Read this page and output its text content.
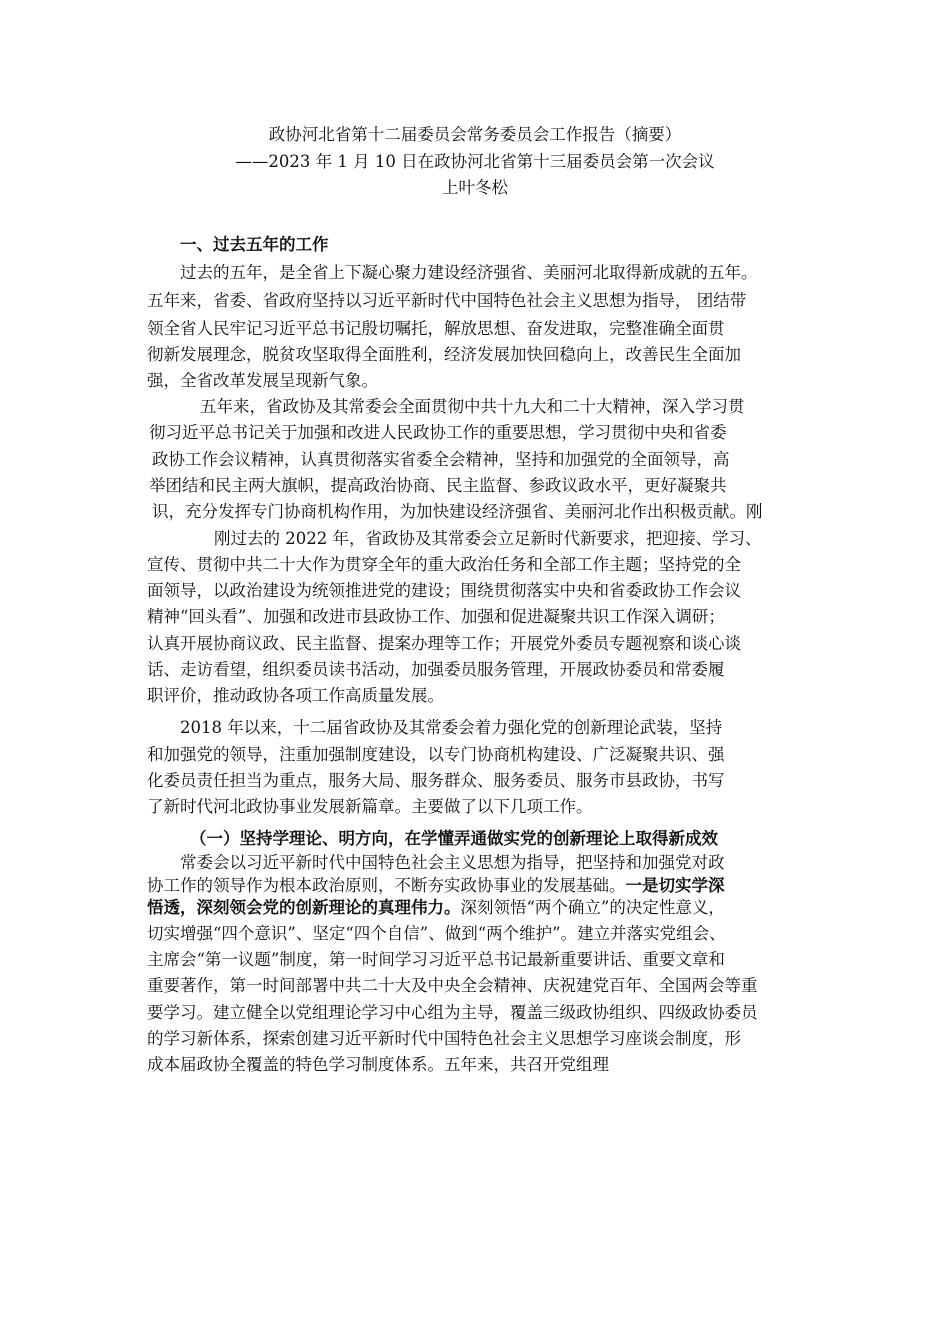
政协河北省第十二届委员会常务委员会工作报告（摘要）
——2023 年 1 月 10 日在政协河北省第十三届委员会第一次会议
上叶冬松
一、过去五年的工作
过去的五年，是全省上下凝心聚力建设经济强省、美丽河北取得新成就的五年。
五年来，省委、省政府坚持以习近平新时代中国特色社会主义思想为指导， 团结带
领全省人民牢记习近平总书记殷切嘱托，解放思想、奋发进取，完整准确全面贯
彻新发展理念，脱贫攻坚取得全面胜利，经济发展加快回稳向上，改善民生全面加
强，全省改革发展呈现新气象。
五年来，省政协及其常委会全面贯彻中共十九大和二十大精神，深入学习贯
彻习近平总书记关于加强和改进人民政协工作的重要思想，学习贯彻中央和省委
政协工作会议精神，认真贯彻落实省委全会精神，坚持和加强党的全面领导，高
举团结和民主两大旗帜，提高政治协商、民主监督、参政议政水平，更好凝聚共
识，充分发挥专门协商机构作用，为加快建设经济强省、美丽河北作出积极贡献。刚
刚过去的 2022 年，省政协及其常委会立足新时代新要求，把迎接、学习、
宣传、贯彻中共二十大作为贯穿全年的重大政治任务和全部工作主题；坚持党的全
面领导，以政治建设为统领推进党的建设；围绕贯彻落实中央和省委政协工作会议
精神“回头看”、加强和改进市县政协工作、加强和促进凝聚共识工作深入调研；
认真开展协商议政、民主监督、提案办理等工作；开展党外委员专题视察和谈心谈
话、走访看望，组织委员读书活动，加强委员服务管理，开展政协委员和常委履
职评价，推动政协各项工作高质量发展。
2018 年以来，十二届省政协及其常委会着力强化党的创新理论武装，坚持
和加强党的领导，注重加强制度建设，以专门协商机构建设、广泛凝聚共识、强
化委员责任担当为重点，服务大局、服务群众、服务委员、服务市县政协，书写
了新时代河北政协事业发展新篇章。主要做了以下几项工作。
（一）坚持学理论、明方向，在学懂弄通做实党的创新理论上取得新成效
常委会以习近平新时代中国特色社会主义思想为指导，把坚持和加强党对政
协工作的领导作为根本政治原则，不断夯实政协事业的发展基础。一是切实学深
悟透，深刻领会党的创新理论的真理伟力。深刻领悟“两个确立”的决定性意义，
切实增强“四个意识”、坚定“四个自信”、做到“两个维护”。建立并落实党组会、
主席会“第一议题”制度，第一时间学习习近平总书记最新重要讲话、重要文章和
重要著作，第一时间部署中共二十大及中央全会精神、庆祝建党百年、全国两会等重
要学习。建立健全以党组理论学习中心组为主导，覆盖三级政协组织、四级政协委员
的学习新体系，探索创建习近平新时代中国特色社会主义思想学习座谈会制度，形
成本届政协全覆盖的特色学习制度体系。五年来，共召开党组理
